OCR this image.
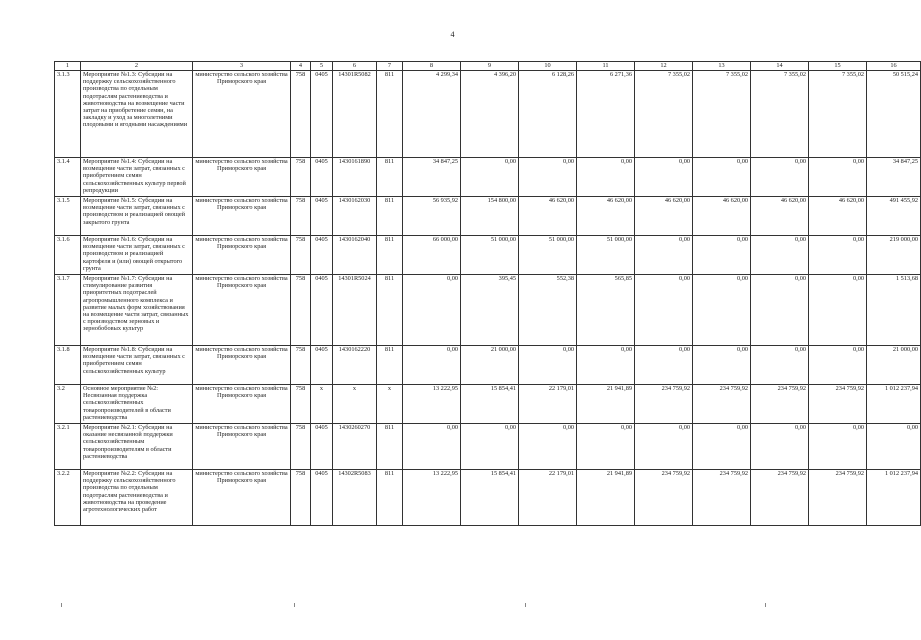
4
1	2	3	4	5	6	7	8	9	10	11	12	13	14	15	16
3.1.3	Мероприятие №1.3: Субсидии на поддержку сельскохозяйственного производства по отдельным подотраслям растениеводства и животноводства на возмещение части затрат на приобретение семян, на закладку и уход за многолетними плодовыми и ягодными насаждениями	министерство сельского хозяйства Приморского края	758	0405	14301R5082	811	4 299,34	4 396,20	6 128,26	6 271,36	7 355,02	7 355,02	7 355,02	7 355,02	50 515,24
3.1.4	Мероприятие №1.4: Субсидии на возмещение части затрат, связанных с приобретением семян сельскохозяйственных культур первой репродукции	министерство сельского хозяйства Приморского края	758	0405	1430161890	811	34 847,25	0,00	0,00	0,00	0,00	0,00	0,00	0,00	34 847,25
3.1.5	Мероприятие №1.5: Субсидии на возмещение части затрат, связанных с производством и реализацией овощей закрытого грунта	министерство сельского хозяйства Приморского края	758	0405	1430162030	811	56 935,92	154 800,00	46 620,00	46 620,00	46 620,00	46 620,00	46 620,00	46 620,00	491 455,92
3.1.6	Мероприятие №1.6: Субсидии на возмещение части затрат, связанных с производством и реализацией картофеля и (или) овощей открытого грунта	министерство сельского хозяйства Приморского края	758	0405	1430162040	811	66 000,00	51 000,00	51 000,00	51 000,00	0,00	0,00	0,00	0,00	219 000,00
3.1.7	Мероприятие №1.7: Субсидии на стимулирование развития приоритетных подотраслей агропромышленного комплекса и развитие малых форм хозяйствования на возмещение части затрат, связанных с производством зерновых и зернобобовых культур	министерство сельского хозяйства Приморского края	758	0405	14301R5024	811	0,00	395,45	552,38	565,85	0,00	0,00	0,00	0,00	1 513,68
3.1.8	Мероприятие №1.8: Субсидии на возмещение части затрат, связанных с приобретением семян сельскохозяйственных культур	министерство сельского хозяйства Приморского края	758	0405	1430162220	811	0,00	21 000,00	0,00	0,00	0,00	0,00	0,00	0,00	21 000,00
3.2	Основное мероприятие №2: Несвязанная поддержка сельскохозяйственных товаропроизводителей в области растениеводства	министерство сельского хозяйства Приморского края	758	х	х	х	13 222,95	15 854,41	22 179,01	21 941,89	234 759,92	234 759,92	234 759,92	234 759,92	1 012 237,94
3.2.1	Мероприятие №2.1: Субсидии на оказание несвязанной поддержки сельскохозяйственным товаропроизводителям в области растениеводства	министерство сельского хозяйства Приморского края	758	0405	1430260270	811	0,00	0,00	0,00	0,00	0,00	0,00	0,00	0,00	0,00
3.2.2	Мероприятие №2.2: Субсидии на поддержку сельскохозяйственного производства по отдельным подотраслям растениеводства и животноводства на проведение агротехнологических работ	министерство сельского хозяйства Приморского края	758	0405	14302R5083	811	13 222,95	15 854,41	22 179,01	21 941,89	234 759,92	234 759,92	234 759,92	234 759,92	1 012 237,94
